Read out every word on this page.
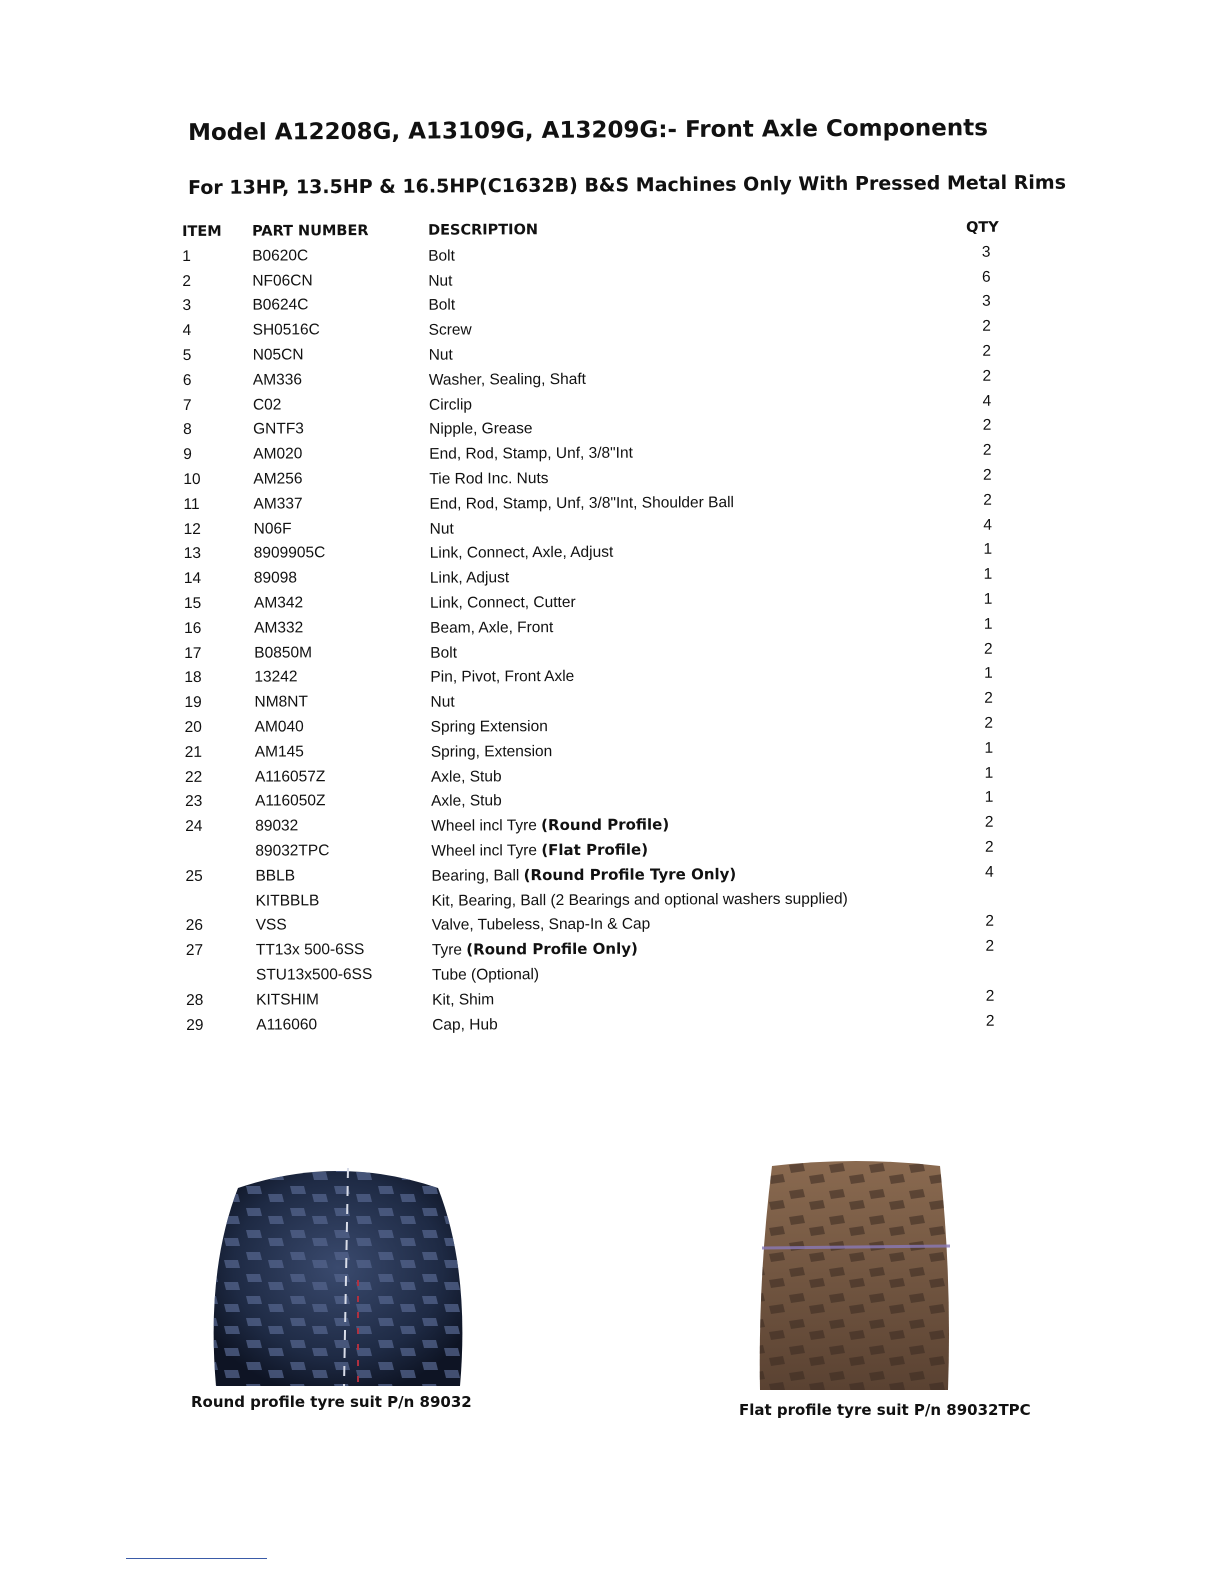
Model A12208G, A13109G, A13209G:- Front Axle Components
For 13HP, 13.5HP & 16.5HP(C1632B) B&S Machines Only With Pressed Metal Rims
ITEM PART NUMBER	DESCRIPTION	QTY
1	B0620C	Bolt	3
2	NF06CN	Nut	6
3	B0624C	Bolt	3
4	SH0516C	Screw	2
5	N05CN	Nut	2
6	AM336	Washer, Sealing, Shaft	2
7	C02	Circlip	4
8	GNTF3	Nipple, Grease	2
9	AM020	End, Rod, Stamp, Unf, 3/8"Int	2
10	AM256	Tie Rod Inc. Nuts	2
11	AM337	End, Rod, Stamp, Unf, 3/8"Int, Shoulder Ball	2
12	N06F	Nut	4
13	8909905C	Link, Connect, Axle, Adjust	1
14	89098	Link, Adjust	1
15	AM342	Link, Connect, Cutter	1
16	AM332	Beam, Axle, Front	1
17	B0850M	Bolt	2
18	13242	Pin, Pivot, Front Axle	1
19	NM8NT	Nut	2
20	AM040	Spring Extension	2
21	AM145	Spring, Extension	1
22	A116057Z	Axle, Stub	1
23	A116050Z	Axle, Stub	1
24	89032	Wheel incl Tyre (Round Profile)	2
89032TPC	Wheel incl Tyre (Flat Profile)	2
25	BBLB	Bearing, Ball (Round Profile Tyre Only)	4
KITBBLB	Kit, Bearing, Ball (2 Bearings and optional washers supplied)
26	VSS	Valve, Tubeless, Snap-In & Cap	2
27	TT13x 500-6SS	Tyre (Round Profile Only)	2
STU13x500-6SS	Tube (Optional)
28	KITSHIM	Kit, Shim	2
29	A116060	Cap, Hub	2
Round profile tyre suit P/n 89032	Flat profile tyre suit P/n 89032TPC
